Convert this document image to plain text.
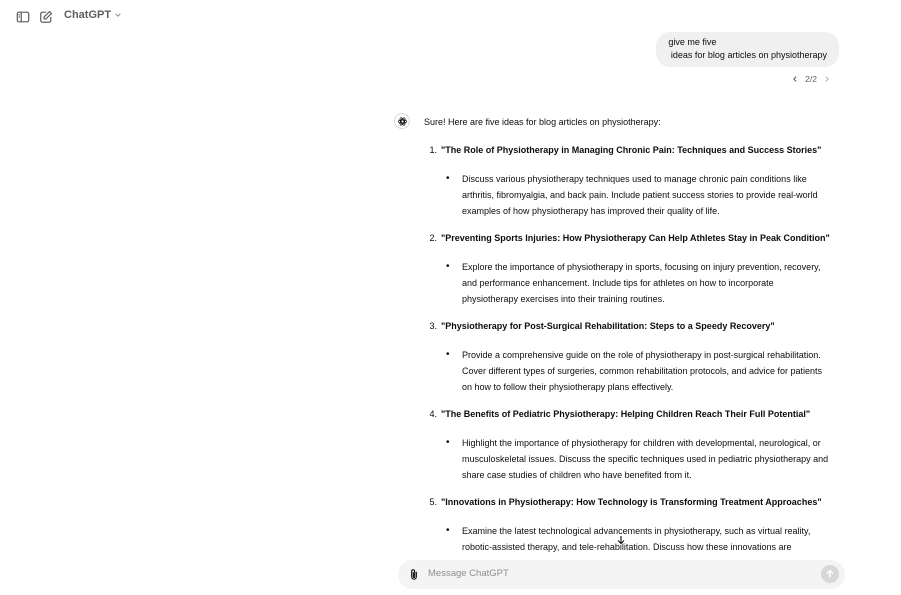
ChatGPT
give me five
ideas for blog articles on physiotherapy
2/2
Sure! Here are five ideas for blog articles on physiotherapy:
1. "The Role of Physiotherapy in Managing Chronic Pain: Techniques and Success Stories"
• Discuss various physiotherapy techniques used to manage chronic pain conditions like
arthritis, fibromyalgia, and back pain. Include patient success stories to provide real-world
examples of how physiotherapy has improved their quality of life.
2. "Preventing Sports Injuries: How Physiotherapy Can Help Athletes Stay in Peak Condition"
• Explore the importance of physiotherapy in sports, focusing on injury prevention, recovery,
and performance enhancement. Include tips for athletes on how to incorporate
physiotherapy exercises into their training routines.
3. "Physiotherapy for Post-Surgical Rehabilitation: Steps to a Speedy Recovery"
• Provide a comprehensive guide on the role of physiotherapy in post-surgical rehabilitation.
Cover different types of surgeries, common rehabilitation protocols, and advice for patients
on how to follow their physiotherapy plans effectively.
4. "The Benefits of Pediatric Physiotherapy: Helping Children Reach Their Full Potential"
• Highlight the importance of physiotherapy for children with developmental, neurological, or
musculoskeletal issues. Discuss the specific techniques used in pediatric physiotherapy and
share case studies of children who have benefited from it.
5. "Innovations in Physiotherapy: How Technology is Transforming Treatment Approaches"
• Examine the latest technological advancements in physiotherapy, such as virtual reality,
robotic-assisted therapy, and tele-rehabilitation. Discuss how these innovations are
Message ChatGPT
